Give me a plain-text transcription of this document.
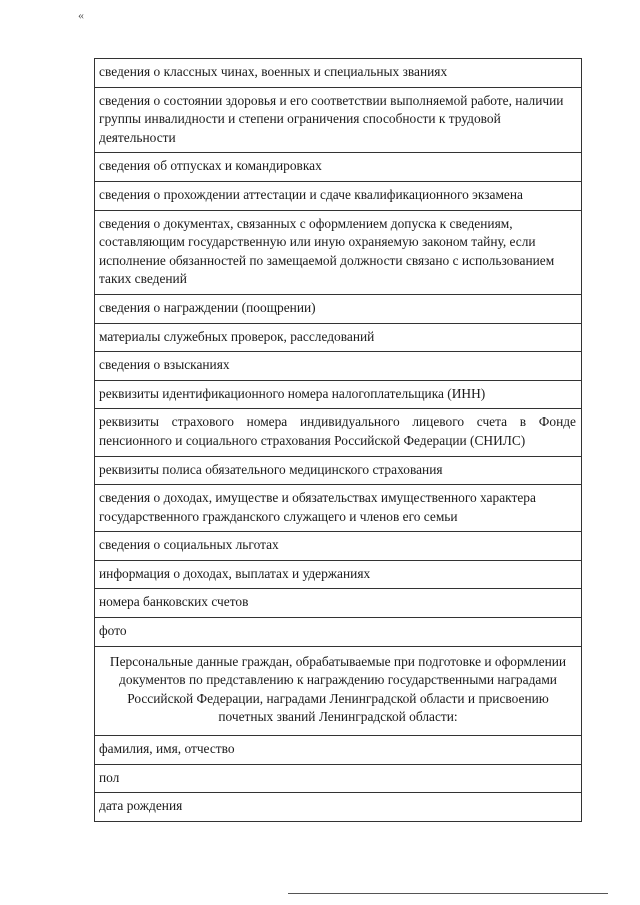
«
сведения о классных чинах, военных и специальных званиях
сведения о состоянии здоровья и его соответствии выполняемой работе, наличии группы инвалидности и степени ограничения способности к трудовой деятельности
сведения об отпусках и командировках
сведения о прохождении аттестации и сдаче квалификационного экзамена
сведения о документах, связанных с оформлением допуска к сведениям, составляющим государственную или иную охраняемую законом тайну, если исполнение обязанностей по замещаемой должности связано с использованием таких сведений
сведения о награждении (поощрении)
материалы служебных проверок, расследований
сведения о взысканиях
реквизиты идентификационного номера налогоплательщика (ИНН)
реквизиты страхового номера индивидуального лицевого счета в Фонде пенсионного и социального страхования Российской Федерации (СНИЛС)
реквизиты полиса обязательного медицинского страхования
сведения о доходах, имуществе и обязательствах имущественного характера государственного гражданского служащего и членов его семьи
сведения о социальных льготах
информация о доходах, выплатах и удержаниях
номера банковских счетов
фото
Персональные данные граждан, обрабатываемые при подготовке и оформлении документов по представлению к награждению государственными наградами Российской Федерации, наградами Ленинградской области и присвоению почетных званий Ленинградской области:
фамилия, имя, отчество
пол
дата рождения
